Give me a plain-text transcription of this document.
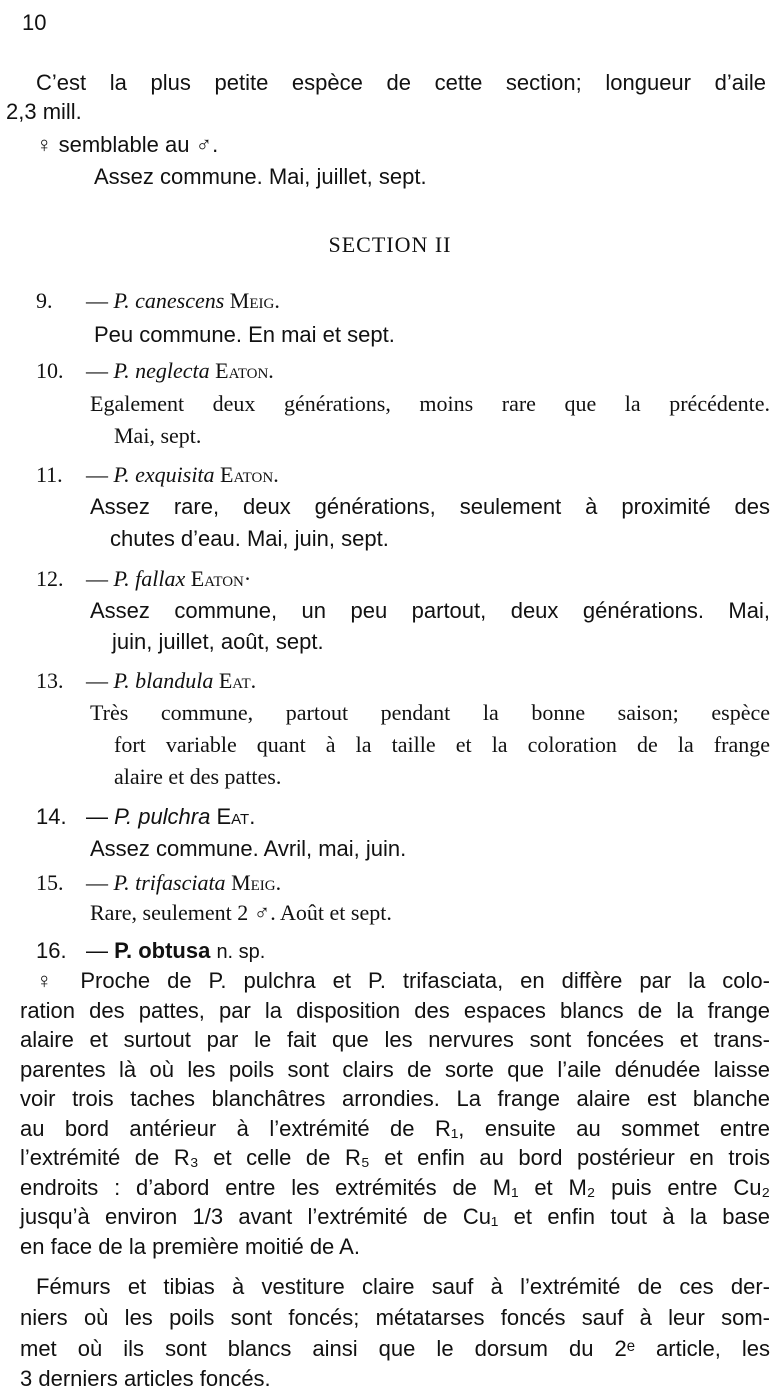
10
C’est la plus petite espèce de cette section; longueur d’aile
2,3 mill.
♀ semblable au ♂.
Assez commune. Mai, juillet, sept.
SECTION II
9. — P. canescens Meig.
Peu commune. En mai et sept.
10. — P. neglecta Eaton.
Egalement deux générations, moins rare que la précédente.
Mai, sept.
11. — P. exquisita Eaton.
Assez rare, deux générations, seulement à proximité des
chutes d’eau. Mai, juin, sept.
12. — P. fallax Eaton·
Assez commune, un peu partout, deux générations. Mai,
juin, juillet, août, sept.
13. — P. blandula Eat.
Très commune, partout pendant la bonne saison; espèce
fort variable quant à la taille et la coloration de la frange
alaire et des pattes.
14. — P. pulchra Eat.
Assez commune. Avril, mai, juin.
15. — P. trifasciata Meig.
Rare, seulement 2 ♂. Août et sept.
16. — P. obtusa n. sp.
♀ Proche de P. pulchra et P. trifasciata, en diffère par la colo-
ration des pattes, par la disposition des espaces blancs de la frange
alaire et surtout par le fait que les nervures sont foncées et trans-
parentes là où les poils sont clairs de sorte que l’aile dénudée laisse
voir trois taches blanchâtres arrondies. La frange alaire est blanche
au bord antérieur à l’extrémité de R₁, ensuite au sommet entre
l’extrémité de R₃ et celle de R₅ et enfin au bord postérieur en trois
endroits : d’abord entre les extrémités de M₁ et M₂ puis entre Cu₂
jusqu’à environ 1/3 avant l’extrémité de Cu₁ et enfin tout à la base
en face de la première moitié de A.
Fémurs et tibias à vestiture claire sauf à l’extrémité de ces der-
niers où les poils sont foncés; métatarses foncés sauf à leur som-
met où ils sont blancs ainsi que le dorsum du 2ᵉ article, les
3 derniers articles foncés.
